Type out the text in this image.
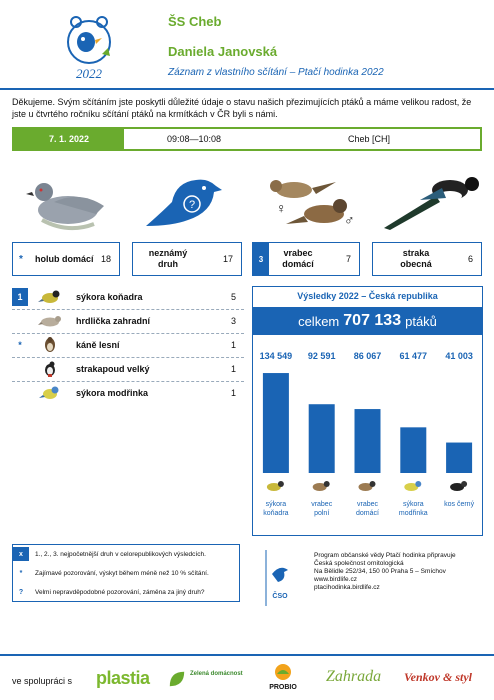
2022
ŠS Cheb
Daniela Janovská
Záznam z vlastního sčítání – Ptačí hodinka 2022
Děkujeme. Svým sčítáním jste poskytli důležité údaje o stavu našich přezimujících ptáků a máme velikou radost, že jste u čtvrtého ročníku sčítání ptáků na krmítkách v ČR byli s námi.
7. 1. 2022	09:08—10:08	Cheb [CH]
?	♀
♂
*	holub domácí 18
neznámý
druh	17	3
vrabec
domácí	7
straka
obecná	6
1	sýkora koňadra	5
hrdlička zahradní	3
*	káně lesní	1
strakapoud velký	1
sýkora modřinka	1
Výsledky 2022 – Česká republika
celkem 707 133 ptáků
134 549
sýkora
koňadra
92 591
vrabec
polní
86 067
vrabec
domácí
61 477
sýkora
modřinka
41 003
kos černý
x	1., 2., 3. nejpočetnější druh v celorepublikových výsledcích.
*	Zajímavé pozorování, výskyt během méně než 10 % sčítání.
?	Velmi nepravděpodobné pozorování, záměna za jiný druh?
ČSO
Program občanské vědy Ptačí hodinka připravuje
Česká společnost ornitologická
Na Bělidle 252/34, 150 00 Praha 5 – Smíchov
www.birdlife.cz
ptacihodinka.birdlife.cz
ve spolupráci s plastia	Zelená domácnost
PROBIO
Zahrada Venkov & styl
